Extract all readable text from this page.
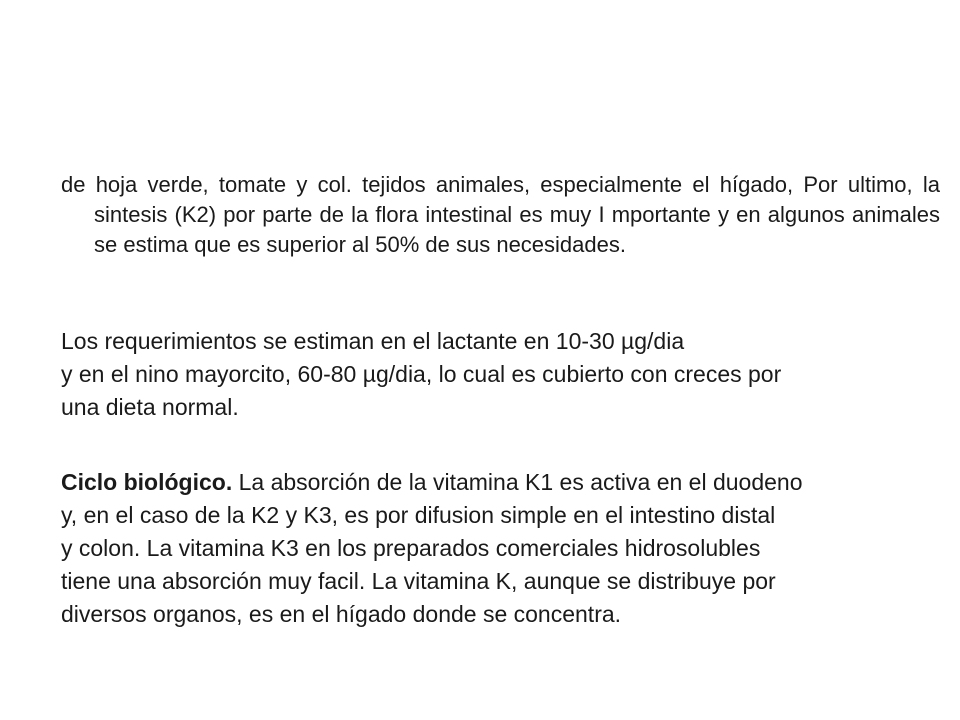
de hoja verde, tomate y col. tejidos animales, especialmente el hígado, Por ultimo, la sintesis (K2) por parte de la flora intestinal es muy I mportante y en algunos animales se estima que es superior al 50% de sus necesidades.

Los requerimientos se estiman en el lactante en 10-30 µg/dia
y en el nino mayorcito, 60-80 µg/dia, lo cual es cubierto con creces por
una dieta normal.
Ciclo biológico. La absorción de la vitamina K1 es activa en el duodeno
y, en el caso de la K2 y K3, es por difusion simple en el intestino distal
y colon. La vitamina K3 en los preparados comerciales hidrosolubles
tiene una absorción muy facil. La vitamina K, aunque se distribuye por
diversos organos, es en el hígado donde se concentra.
